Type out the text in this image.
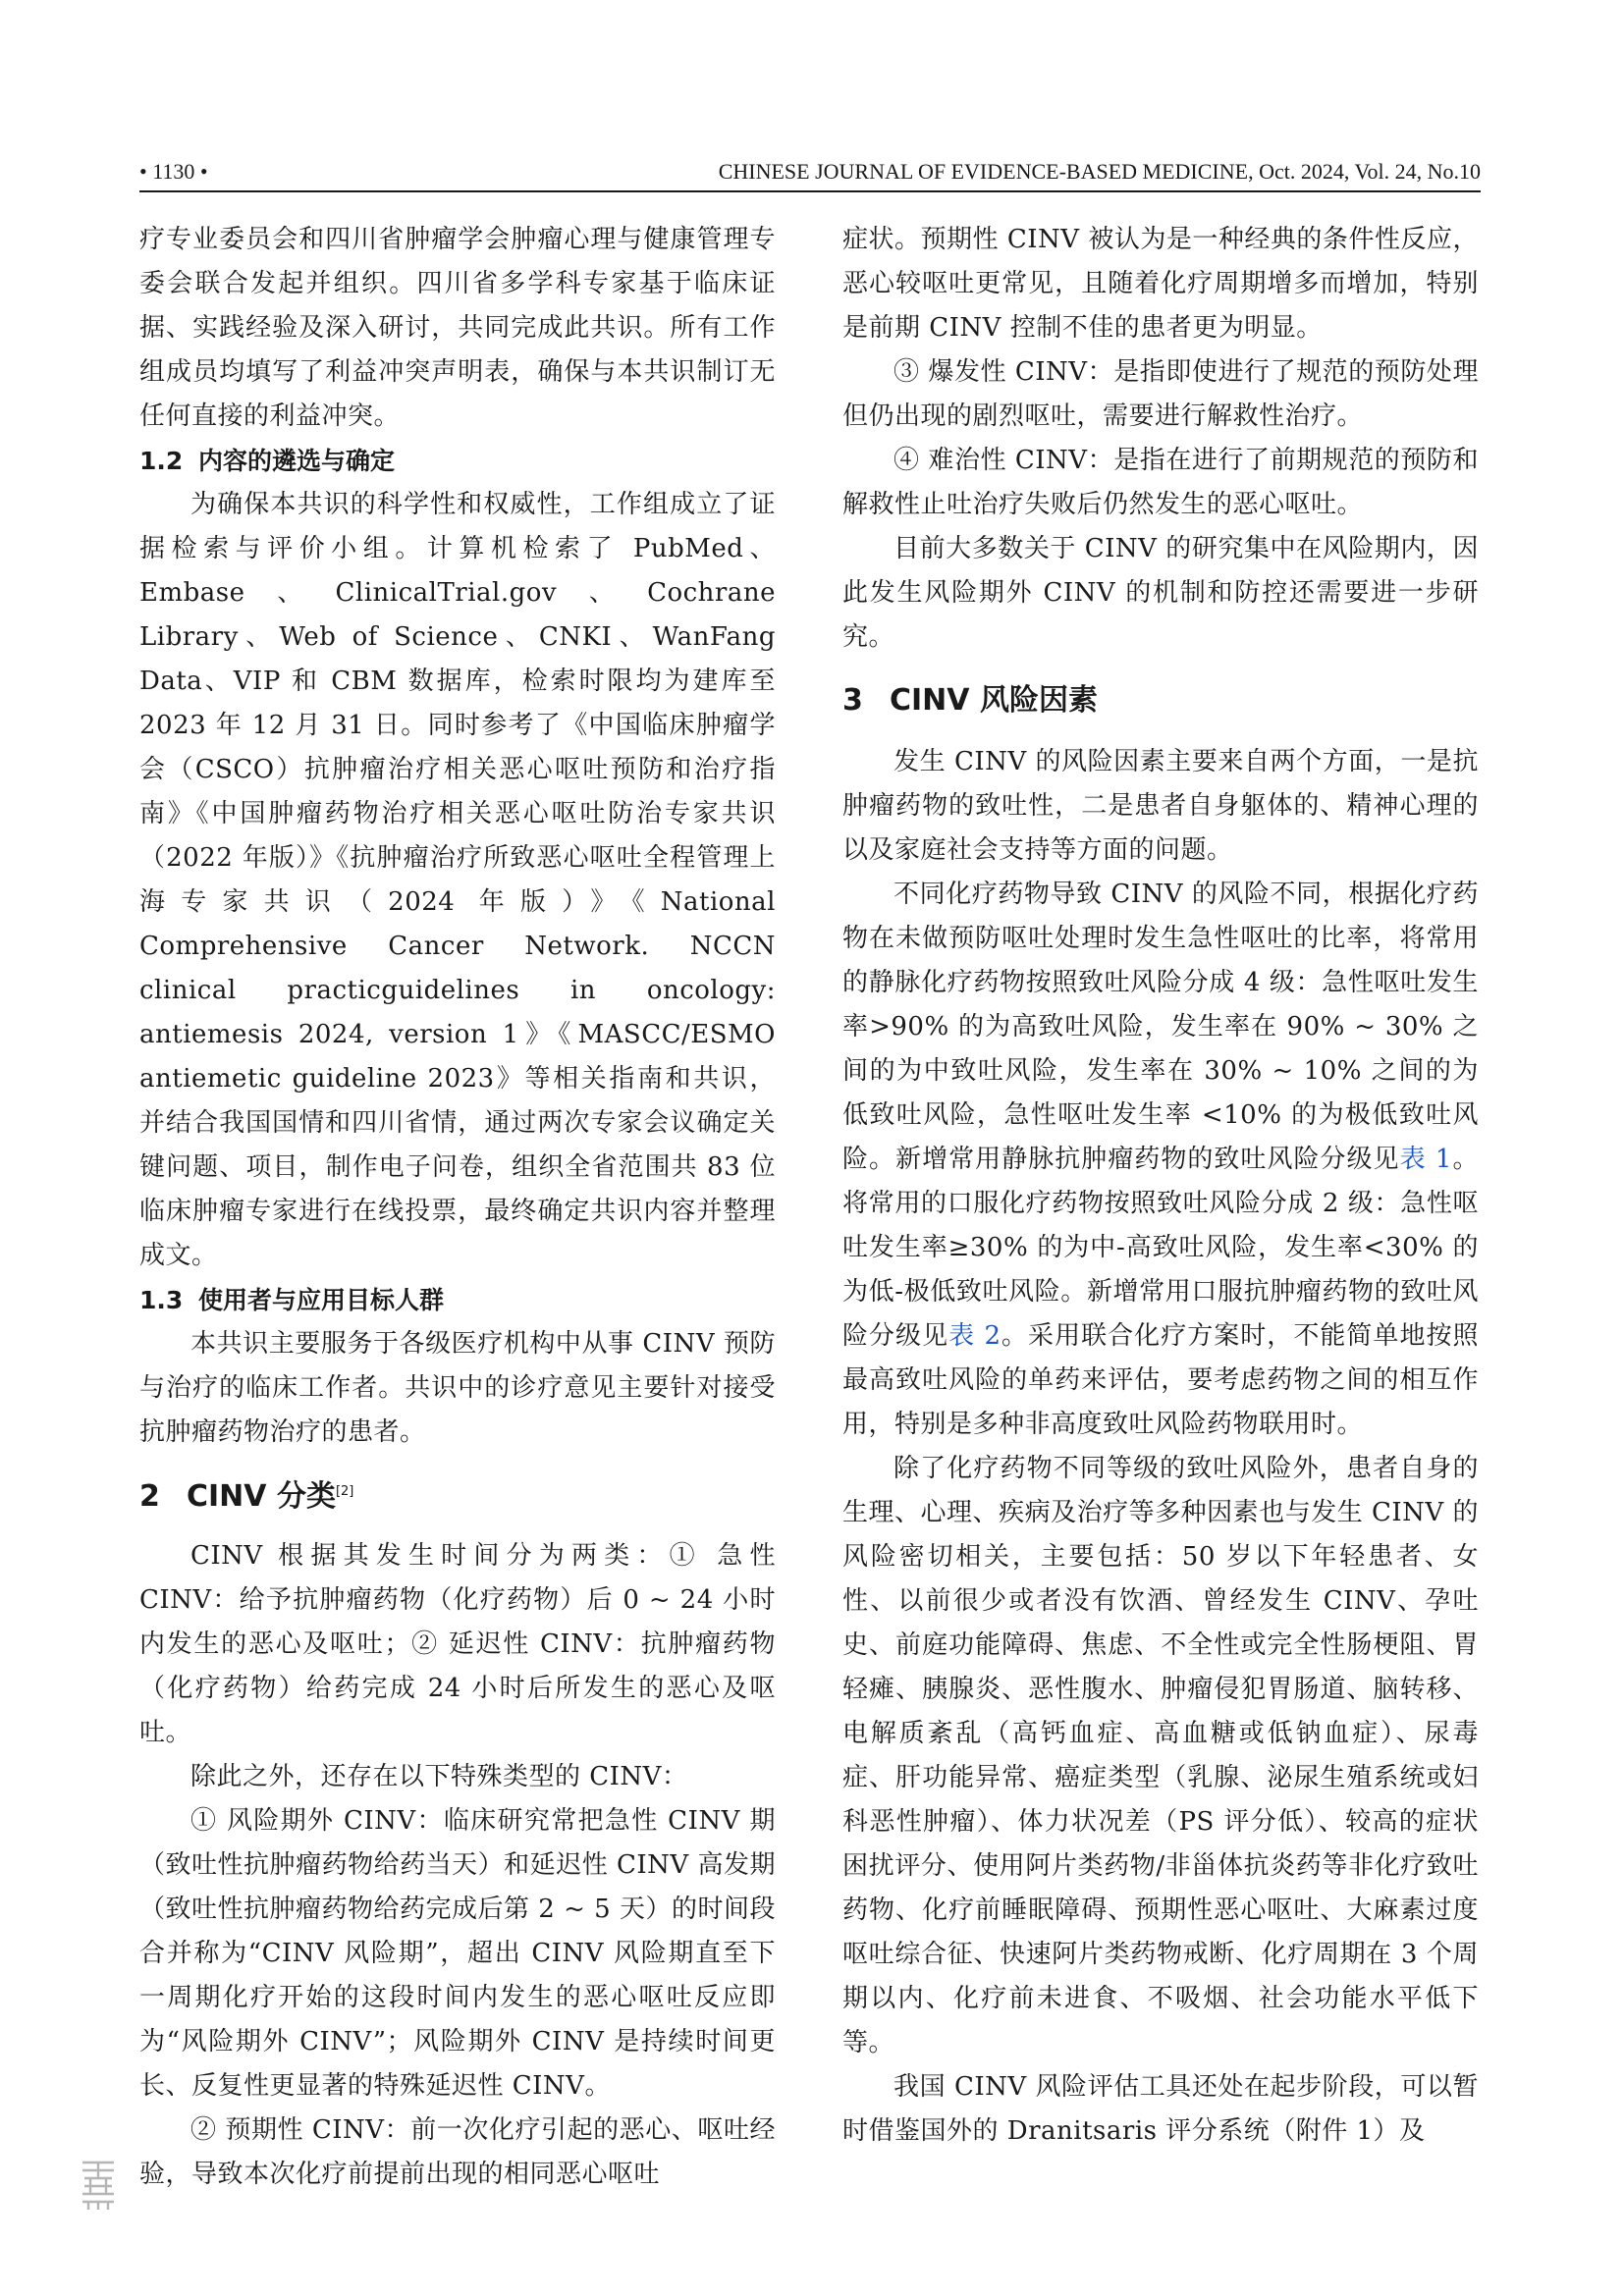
• 1130 •	CHINESE JOURNAL OF EVIDENCE-BASED MEDICINE, Oct. 2024, Vol. 24, No.10

疗专业委员会和四川省肿瘤学会肿瘤心理与健康管理专委会联合发起并组织。四川省多学科专家基于临床证据、实践经验及深入研讨，共同完成此共识。所有工作组成员均填写了利益冲突声明表，确保与本共识制订无任何直接的利益冲突。

1.2 内容的遴选与确定

为确保本共识的科学性和权威性，工作组成立了证据检索与评价小组。计算机检索了 PubMed、Embase、ClinicalTrial.gov、Cochrane Library、Web of Science、CNKI、WanFang Data、VIP 和 CBM 数据库，检索时限均为建库至 2023 年 12 月 31 日。同时参考了《中国临床肿瘤学会（CSCO）抗肿瘤治疗相关恶心呕吐预防和治疗指南》《中国肿瘤药物治疗相关恶心呕吐防治专家共识（2022 年版）》《抗肿瘤治疗所致恶心呕吐全程管理上海专家共识（2024 年版）》《National Comprehensive Cancer Network. NCCN clinical practicguidelines in oncology: antiemesis 2024, version 1》《MASCC/ESMO antiemetic guideline 2023》等相关指南和共识，并结合我国国情和四川省情，通过两次专家会议确定关键问题、项目，制作电子问卷，组织全省范围共 83 位临床肿瘤专家进行在线投票，最终确定共识内容并整理成文。

1.3 使用者与应用目标人群

本共识主要服务于各级医疗机构中从事 CINV 预防与治疗的临床工作者。共识中的诊疗意见主要针对接受抗肿瘤药物治疗的患者。

2 CINV 分类[2]

CINV 根据其发生时间分为两类：① 急性 CINV：给予抗肿瘤药物（化疗药物）后 0 ~ 24 小时内发生的恶心及呕吐；② 延迟性 CINV：抗肿瘤药物（化疗药物）给药完成 24 小时后所发生的恶心及呕吐。

除此之外，还存在以下特殊类型的 CINV：

① 风险期外 CINV：临床研究常把急性 CINV 期（致吐性抗肿瘤药物给药当天）和延迟性 CINV 高发期（致吐性抗肿瘤药物给药完成后第 2 ~ 5 天）的时间段合并称为“CINV 风险期”，超出 CINV 风险期直至下一周期化疗开始的这段时间内发生的恶心呕吐反应即为“风险期外 CINV”；风险期外 CINV 是持续时间更长、反复性更显著的特殊延迟性 CINV。

② 预期性 CINV：前一次化疗引起的恶心、呕吐经验，导致本次化疗前提前出现的相同恶心呕吐

症状。预期性 CINV 被认为是一种经典的条件性反应，恶心较呕吐更常见，且随着化疗周期增多而增加，特别是前期 CINV 控制不佳的患者更为明显。

③ 爆发性 CINV：是指即使进行了规范的预防处理但仍出现的剧烈呕吐，需要进行解救性治疗。

④ 难治性 CINV：是指在进行了前期规范的预防和解救性止吐治疗失败后仍然发生的恶心呕吐。

目前大多数关于 CINV 的研究集中在风险期内，因此发生风险期外 CINV 的机制和防控还需要进一步研究。

3 CINV 风险因素

发生 CINV 的风险因素主要来自两个方面，一是抗肿瘤药物的致吐性，二是患者自身躯体的、精神心理的以及家庭社会支持等方面的问题。

不同化疗药物导致 CINV 的风险不同，根据化疗药物在未做预防呕吐处理时发生急性呕吐的比率，将常用的静脉化疗药物按照致吐风险分成 4 级：急性呕吐发生率>90% 的为高致吐风险，发生率在 90% ~ 30% 之间的为中致吐风险，发生率在 30% ~ 10% 之间的为低致吐风险，急性呕吐发生率 <10% 的为极低致吐风险。新增常用静脉抗肿瘤药物的致吐风险分级见表 1。将常用的口服化疗药物按照致吐风险分成 2 级：急性呕吐发生率≥30% 的为中-高致吐风险，发生率<30% 的为低-极低致吐风险。新增常用口服抗肿瘤药物的致吐风险分级见表 2。采用联合化疗方案时，不能简单地按照最高致吐风险的单药来评估，要考虑药物之间的相互作用，特别是多种非高度致吐风险药物联用时。

除了化疗药物不同等级的致吐风险外，患者自身的生理、心理、疾病及治疗等多种因素也与发生 CINV 的风险密切相关，主要包括：50 岁以下年轻患者、女性、以前很少或者没有饮酒、曾经发生 CINV、孕吐史、前庭功能障碍、焦虑、不全性或完全性肠梗阻、胃轻瘫、胰腺炎、恶性腹水、肿瘤侵犯胃肠道、脑转移、电解质紊乱（高钙血症、高血糖或低钠血症）、尿毒症、肝功能异常、癌症类型（乳腺、泌尿生殖系统或妇科恶性肿瘤）、体力状况差（PS 评分低）、较高的症状困扰评分、使用阿片类药物/非甾体抗炎药等非化疗致吐药物、化疗前睡眠障碍、预期性恶心呕吐、大麻素过度呕吐综合征、快速阿片类药物戒断、化疗周期在 3 个周期以内、化疗前未进食、不吸烟、社会功能水平低下等。

我国 CINV 风险评估工具还处在起步阶段，可以暂时借鉴国外的 Dranitsaris 评分系统（附件 1）及
